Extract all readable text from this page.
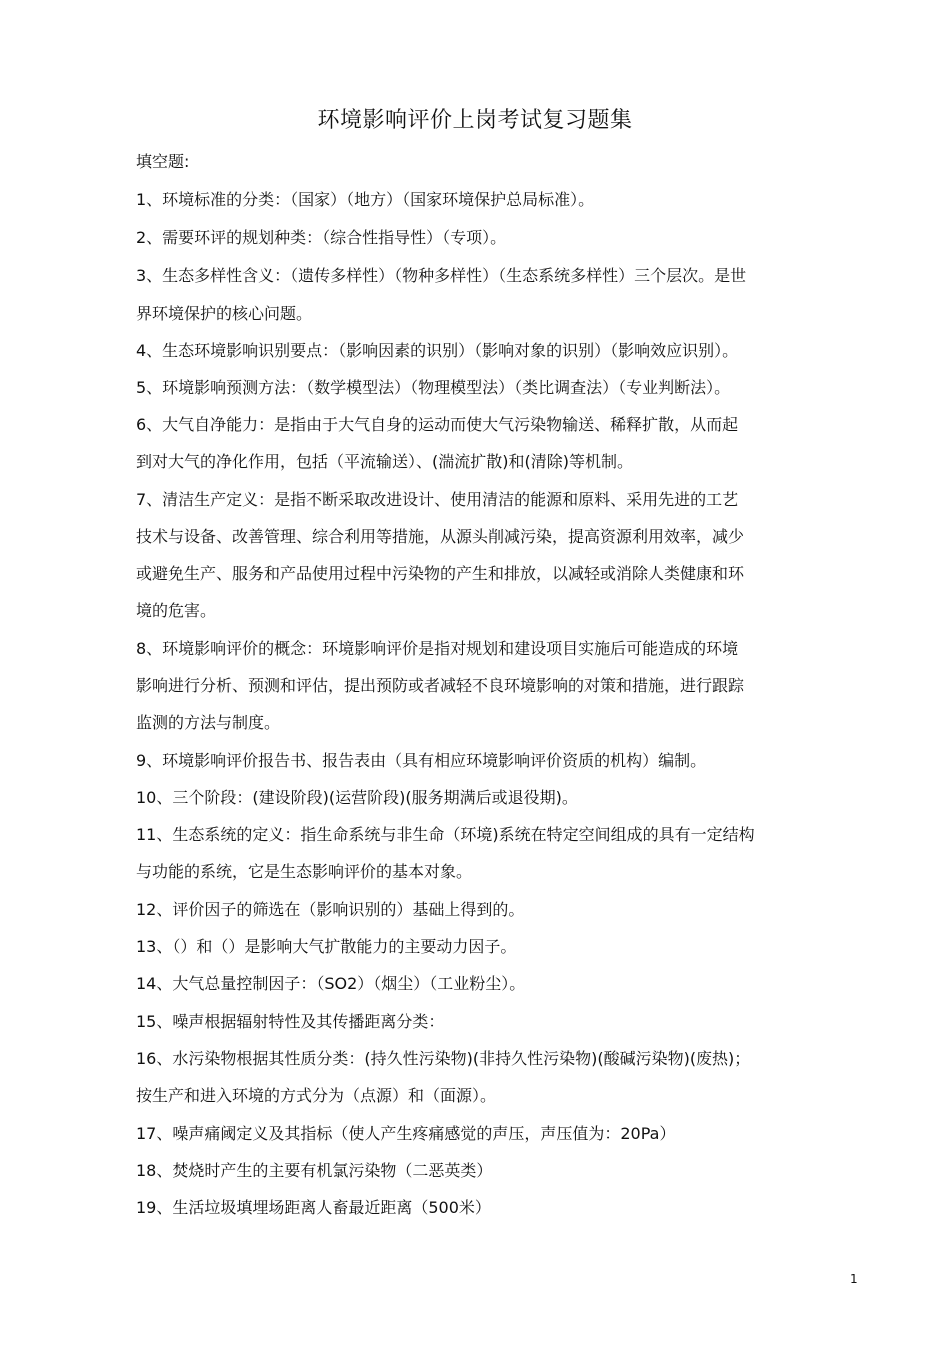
环境影响评价上岗考试复习题集
填空题:
1、环境标准的分类：（国家）（地方）（国家环境保护总局标准）。
2、需要环评的规划种类：（综合性指导性）（专项）。
3、生态多样性含义：（遗传多样性）（物种多样性）（生态系统多样性）三个层次。是世
界环境保护的核心问题。
4、生态环境影响识别要点：（影响因素的识别）（影响对象的识别）（影响效应识别）。
5、环境影响预测方法：（数学模型法）（物理模型法）（类比调查法）（专业判断法）。
6、大气自净能力：是指由于大气自身的运动而使大气污染物输送、稀释扩散，从而起
到对大气的净化作用，包括（平流输送）、(湍流扩散)和(清除)等机制。
7、清洁生产定义：是指不断采取改进设计、使用清洁的能源和原料、采用先进的工艺
技术与设备、改善管理、综合利用等措施，从源头削减污染，提高资源利用效率，减少
或避免生产、服务和产品使用过程中污染物的产生和排放，以减轻或消除人类健康和环
境的危害。
8、环境影响评价的概念：环境影响评价是指对规划和建设项目实施后可能造成的环境
影响进行分析、预测和评估，提出预防或者减轻不良环境影响的对策和措施，进行跟踪
监测的方法与制度。
9、环境影响评价报告书、报告表由（具有相应环境影响评价资质的机构）编制。
10、三个阶段：(建设阶段)(运营阶段)(服务期满后或退役期)。
11、生态系统的定义：指生命系统与非生命（环境)系统在特定空间组成的具有一定结构
与功能的系统，它是生态影响评价的基本对象。
12、评价因子的筛选在（影响识别的）基础上得到的。
13、（）和（）是影响大气扩散能力的主要动力因子。
14、大气总量控制因子：（SO2）（烟尘）（工业粉尘）。
15、噪声根据辐射特性及其传播距离分类：
16、水污染物根据其性质分类：(持久性污染物)(非持久性污染物)(酸碱污染物)(废热)；
按生产和进入环境的方式分为（点源）和（面源）。
17、噪声痛阈定义及其指标（使人产生疼痛感觉的声压，声压值为：20Pa）
18、焚烧时产生的主要有机氯污染物（二恶英类）
19、生活垃圾填埋场距离人畜最近距离（500米）
1
